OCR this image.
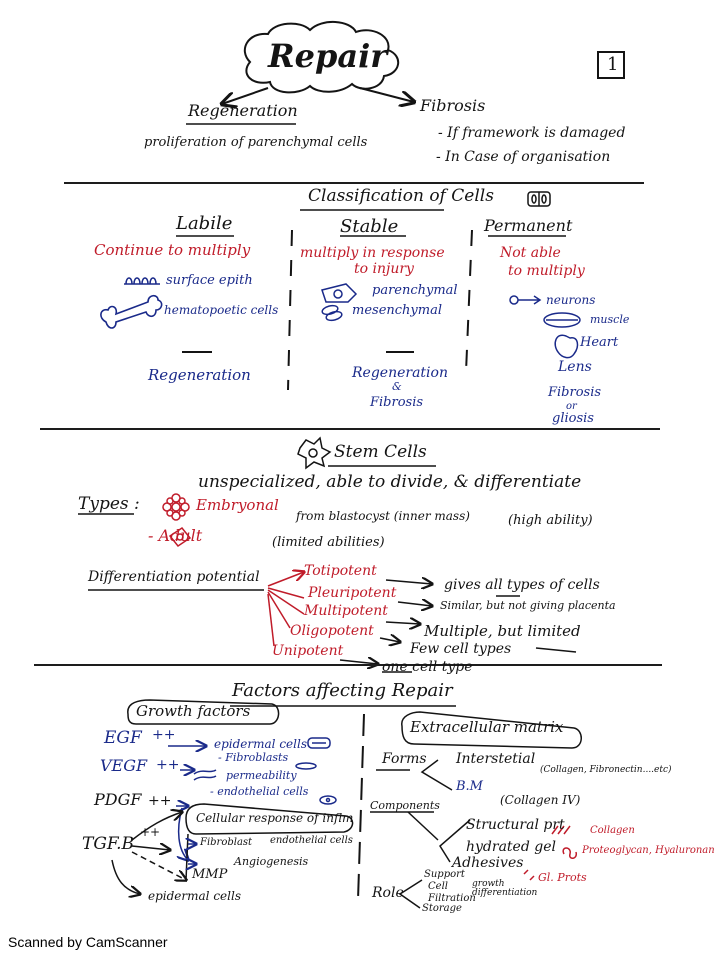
Repair	1
Regeneration
proliferation of parenchymal cells
Fibrosis
- If framework is damaged
- In Case of organisation
Classification of Cells
Labile
Continue to multiply
surface epith
hematopoetic cells
Regeneration
Stable
multiply in response
to injury
parenchymal
mesenchymal
Regeneration
&
Fibrosis
Permanent
Not able
to multiply
neurons
muscle
Heart
Lens
Fibrosis
or
gliosis
Stem Cells
unspecialized, able to divide, & differentiate
Types :	Embryonal
from blastocyst (inner mass)	(high ability)
- Adult	(limited abilities)
Differentiation potential	Totipotent
gives all types of cells
Pleuripotent
Similar, but not giving placenta
Multipotent
Multiple, but limited
Oligopotent
Few cell types
Unipotent
one cell type
Factors affecting Repair
Growth factors
EGF ++
epidermal cells
- Fibroblasts
VEGF ++
permeability
- endothelial cells
PDGF ++
Cellular response of inflm
Fibroblast endothelial cells
Angiogenesis
TGF.B
++
MMP
epidermal cells
Extracellular matrix
Forms Interstetial
(Collagen, Fibronectin....etc)
B.M
(Collagen IV)
Components
Structural prt	Collagen
hydrated gel	Proteoglycan, Hyaluronan
Adhesives
Gl. Prots
Role
Support
Cell
Filtration
Storage
growth differentiation
Scanned by CamScanner
